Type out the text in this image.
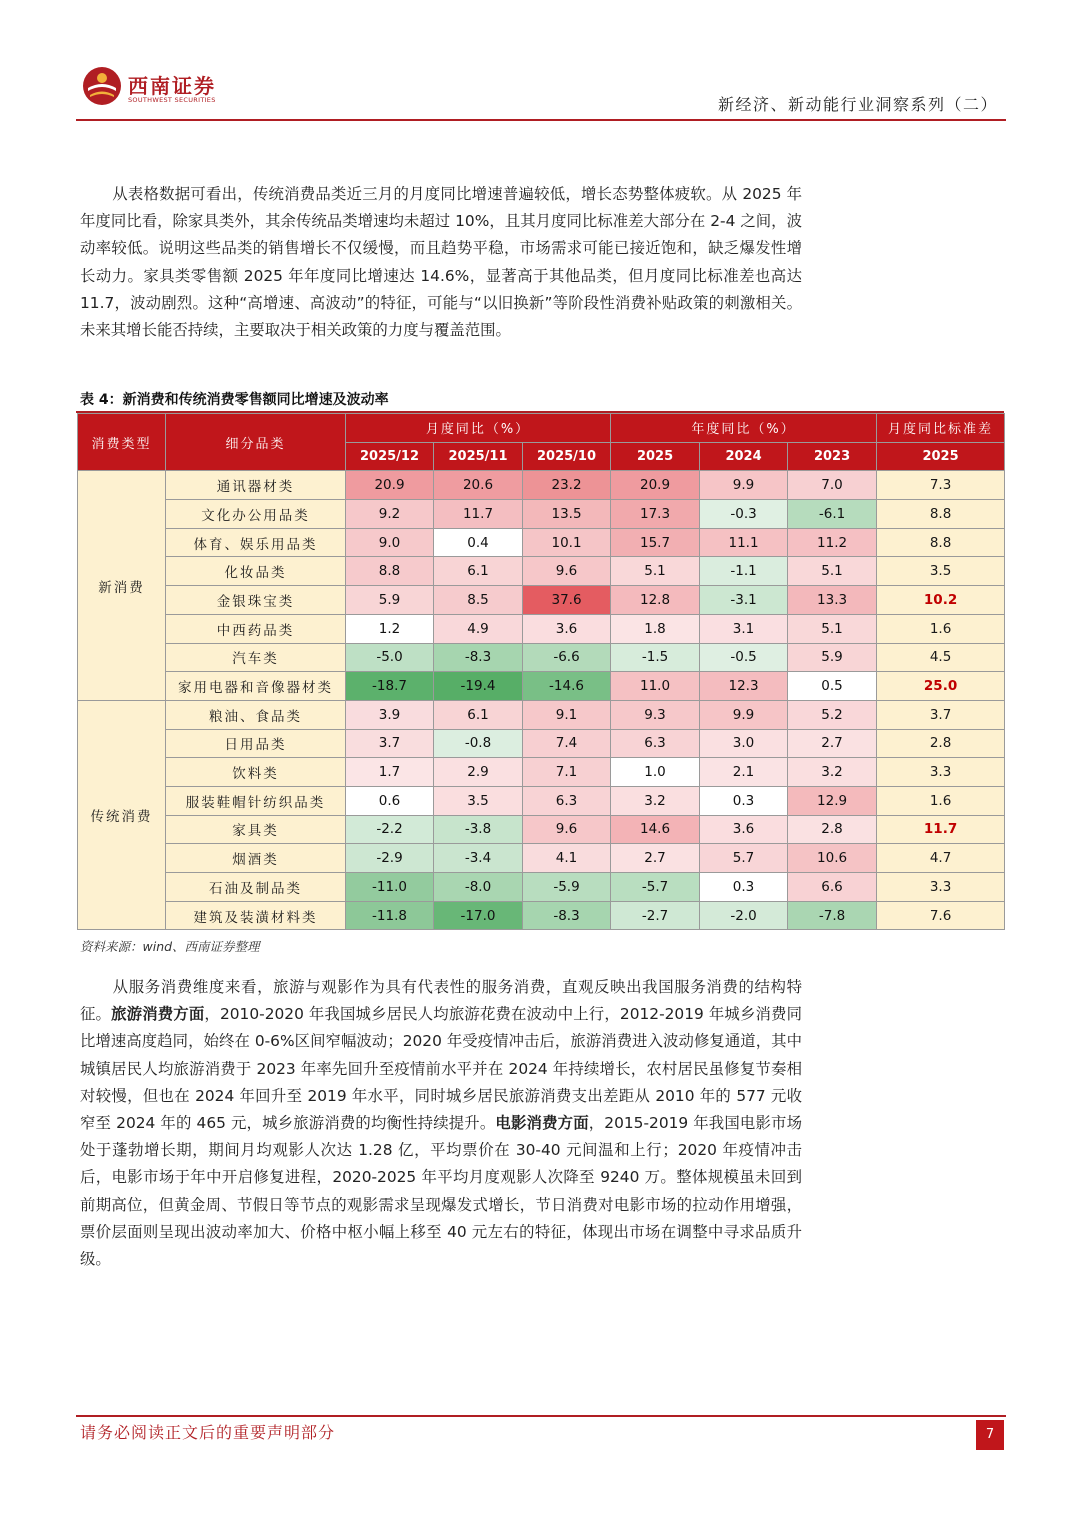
西南证券
SOUTHWEST SECURITIES	新经济、新动能行业洞察系列（二）
从表格数据可看出，传统消费品类近三月的月度同比增速普遍较低，增长态势整体疲软。从 2025 年年度同比看，除家具类外，其余传统品类增速均未超过 10%，且其月度同比标准差大部分在 2-4 之间，波动率较低。说明这些品类的销售增长不仅缓慢，而且趋势平稳，市场需求可能已接近饱和，缺乏爆发性增长动力。家具类零售额 2025 年年度同比增速达 14.6%，显著高于其他品类，但月度同比标准差也高达 11.7，波动剧烈。这种“高增速、高波动”的特征，可能与“以旧换新”等阶段性消费补贴政策的刺激相关。未来其增长能否持续，主要取决于相关政策的力度与覆盖范围。
表 4：新消费和传统消费零售额同比增速及波动率
消费类型	细分品类	月度同比（%）			年度同比（%）			月度同比标准差
		2025/12	2025/11	2025/10	2025	2024	2023	2025
新消费	通讯器材类	20.9	20.6	23.2	20.9	9.9	7.0	7.3
	文化办公用品类	9.2	11.7	13.5	17.3	-0.3	-6.1	8.8
	体育、娱乐用品类	9.0	0.4	10.1	15.7	11.1	11.2	8.8
	化妆品类	8.8	6.1	9.6	5.1	-1.1	5.1	3.5
	金银珠宝类	5.9	8.5	37.6	12.8	-3.1	13.3	10.2
	中西药品类	1.2	4.9	3.6	1.8	3.1	5.1	1.6
	汽车类	-5.0	-8.3	-6.6	-1.5	-0.5	5.9	4.5
	家用电器和音像器材类	-18.7	-19.4	-14.6	11.0	12.3	0.5	25.0
传统消费	粮油、食品类	3.9	6.1	9.1	9.3	9.9	5.2	3.7
	日用品类	3.7	-0.8	7.4	6.3	3.0	2.7	2.8
	饮料类	1.7	2.9	7.1	1.0	2.1	3.2	3.3
	服装鞋帽针纺织品类	0.6	3.5	6.3	3.2	0.3	12.9	1.6
	家具类	-2.2	-3.8	9.6	14.6	3.6	2.8	11.7
	烟酒类	-2.9	-3.4	4.1	2.7	5.7	10.6	4.7
	石油及制品类	-11.0	-8.0	-5.9	-5.7	0.3	6.6	3.3
	建筑及装潢材料类	-11.8	-17.0	-8.3	-2.7	-2.0	-7.8	7.6
资料来源：wind、西南证券整理
从服务消费维度来看，旅游与观影作为具有代表性的服务消费，直观反映出我国服务消费的结构特征。旅游消费方面，2010-2020 年我国城乡居民人均旅游花费在波动中上行，2012-2019 年城乡消费同比增速高度趋同，始终在 0-6%区间窄幅波动；2020 年受疫情冲击后，旅游消费进入波动修复通道，其中城镇居民人均旅游消费于 2023 年率先回升至疫情前水平并在 2024 年持续增长，农村居民虽修复节奏相对较慢，但也在 2024 年回升至 2019 年水平，同时城乡居民旅游消费支出差距从 2010 年的 577 元收窄至 2024 年的 465 元，城乡旅游消费的均衡性持续提升。电影消费方面，2015-2019 年我国电影市场处于蓬勃增长期，期间月均观影人次达 1.28 亿，平均票价在 30-40 元间温和上行；2020 年疫情冲击后，电影市场于年中开启修复进程，2020-2025 年平均月度观影人次降至 9240 万。整体规模虽未回到前期高位，但黄金周、节假日等节点的观影需求呈现爆发式增长，节日消费对电影市场的拉动作用增强，票价层面则呈现出波动率加大、价格中枢小幅上移至 40 元左右的特征，体现出市场在调整中寻求品质升级。
请务必阅读正文后的重要声明部分	7
